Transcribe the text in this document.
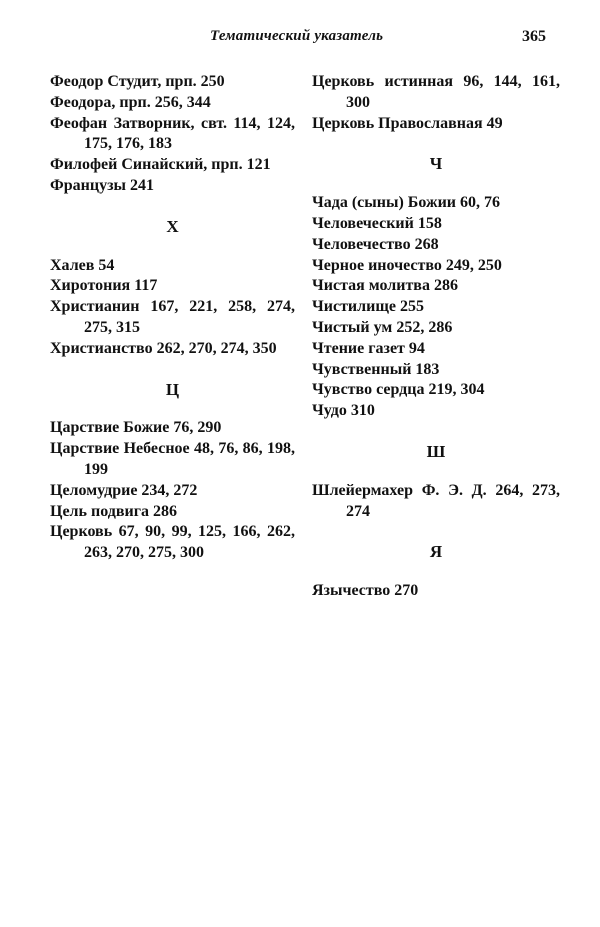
Тематический указатель	365

Феодор Студит, прп. 250

Феодора, прп. 256, 344

Феофан Затворник, свт. 114, 124, 175, 176, 183

Филофей Синайский, прп. 121

Французы 241

Х

Халев 54

Хиротония 117

Христианин 167, 221, 258, 274, 275, 315

Христианство 262, 270, 274, 350

Ц

Царствие Божие 76, 290

Царствие Небесное 48, 76, 86, 198, 199

Целомудрие 234, 272

Цель подвига 286

Церковь 67, 90, 99, 125, 166, 262, 263, 270, 275, 300

Церковь истинная 96, 144, 161, 300

Церковь Православная 49

Ч

Чада (сыны) Божии 60, 76

Человеческий 158

Человечество 268

Черное иночество 249, 250

Чистая молитва 286

Чистилище 255

Чистый ум 252, 286

Чтение газет 94

Чувственный 183

Чувство сердца 219, 304

Чудо 310

Ш

Шлейермахер Ф. Э. Д. 264, 273, 274

Я

Язычество 270
